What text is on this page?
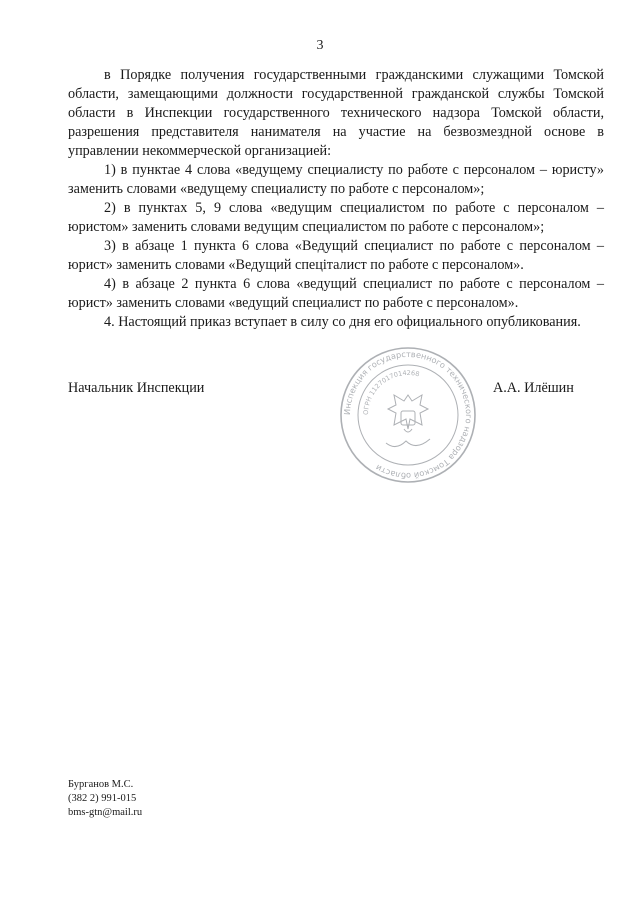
3

в Порядке получения государственными гражданскими служащими Томской области, замещающими должности государственной гражданской службы Томской области в Инспекции государственного технического надзора Томской области, разрешения представителя нанимателя на участие на безвозмездной основе в управлении некоммерческой организацией:

1) в пунктае 4 слова «ведущему специалисту по работе с персоналом – юристу» заменить словами «ведущему специалисту по работе с персоналом»;

2) в пунктах 5, 9 слова «ведущим специалистом по работе с персоналом – юристом» заменить словами ведущим специалистом по работе с персоналом»;

3) в абзаце 1 пункта 6 слова «Ведущий специалист по работе с персоналом – юрист» заменить словами «Ведущий спецiталист по работе с персоналом».

4) в абзаце 2 пункта 6 слова «ведущий специалист по работе с персоналом – юрист» заменить словами «ведущий специалист по работе с персоналом».

4. Настоящий приказ вступает в силу со дня его официального опубликования.

Инспекция государственного технического надзора Томской области
ОГРН 1127017014268
Начальник Инспекции	А.А. Илёшин
Бурганов М.С.
(382 2) 991-015
bms-gtn@mail.ru
